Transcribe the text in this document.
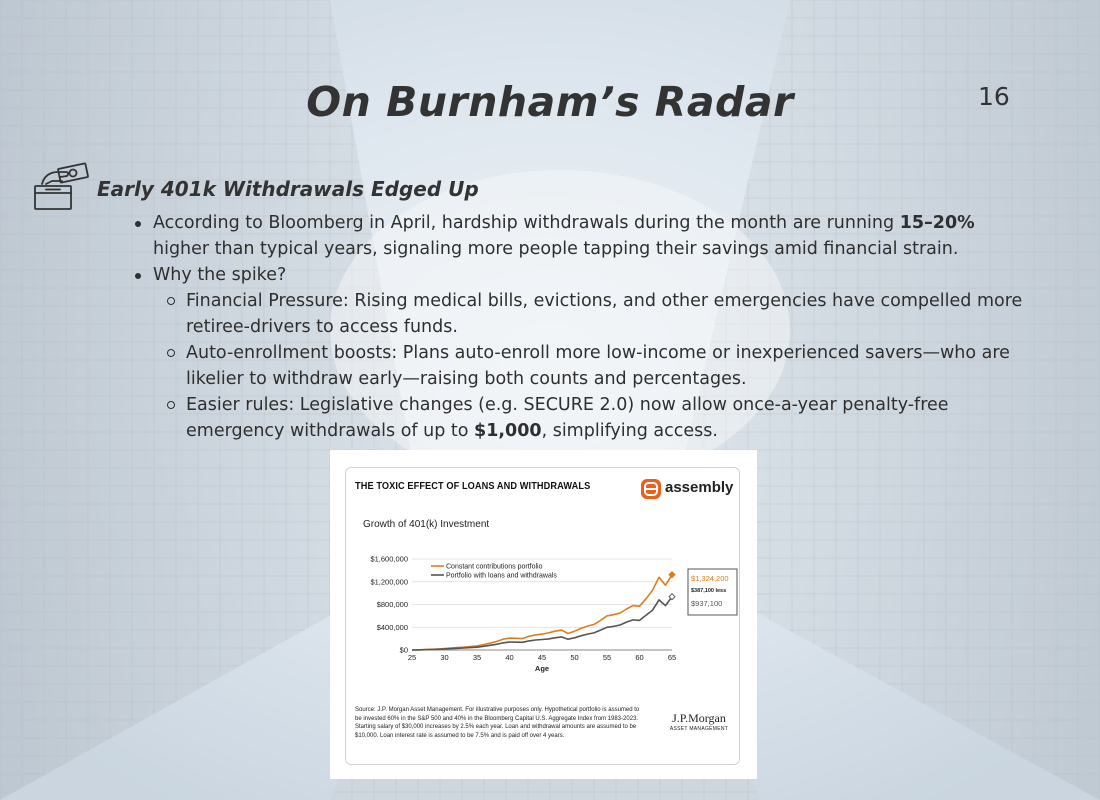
On Burnham’s Radar	16
Early 401k Withdrawals Edged Up

According to Bloomberg in April, hardship withdrawals during the month are running 15–20% higher than typical years, signaling more people tapping their savings amid financial strain.

Why the spike?

Financial Pressure: Rising medical bills, evictions, and other emergencies have compelled more retiree-drivers to access funds.

Auto-enrollment boosts: Plans auto-enroll more low-income or inexperienced savers—who are likelier to withdraw early—raising both counts and percentages.

Easier rules: Legislative changes (e.g. SECURE 2.0) now allow once-a-year penalty-free emergency withdrawals of up to $1,000, simplifying access.

THE TOXIC EFFECT OF LOANS AND WITHDRAWALS	assembly
Growth of 401(k) Investment
$0
$400,000
$800,000
$1,200,000
$1,600,000
25	30	35	40	45	50	55	60	65
Age
Constant contributions portfolio
Portfolio with loans and withdrawals	$1,324,200
$387,100 less
$937,100
Source: J.P. Morgan Asset Management. For illustrative purposes only. Hypothetical portfolio is assumed to be invested 60% in the S&P 500 and 40% in the Bloomberg Capital U.S. Aggregate Index from 1983-2023. Starting salary of $30,000 increases by 2.5% each year. Loan and withdrawal amounts are assumed to be $10,000. Loan interest rate is assumed to be 7.5% and is paid off over 4 years.
J.P.Morgan
ASSET MANAGEMENT
